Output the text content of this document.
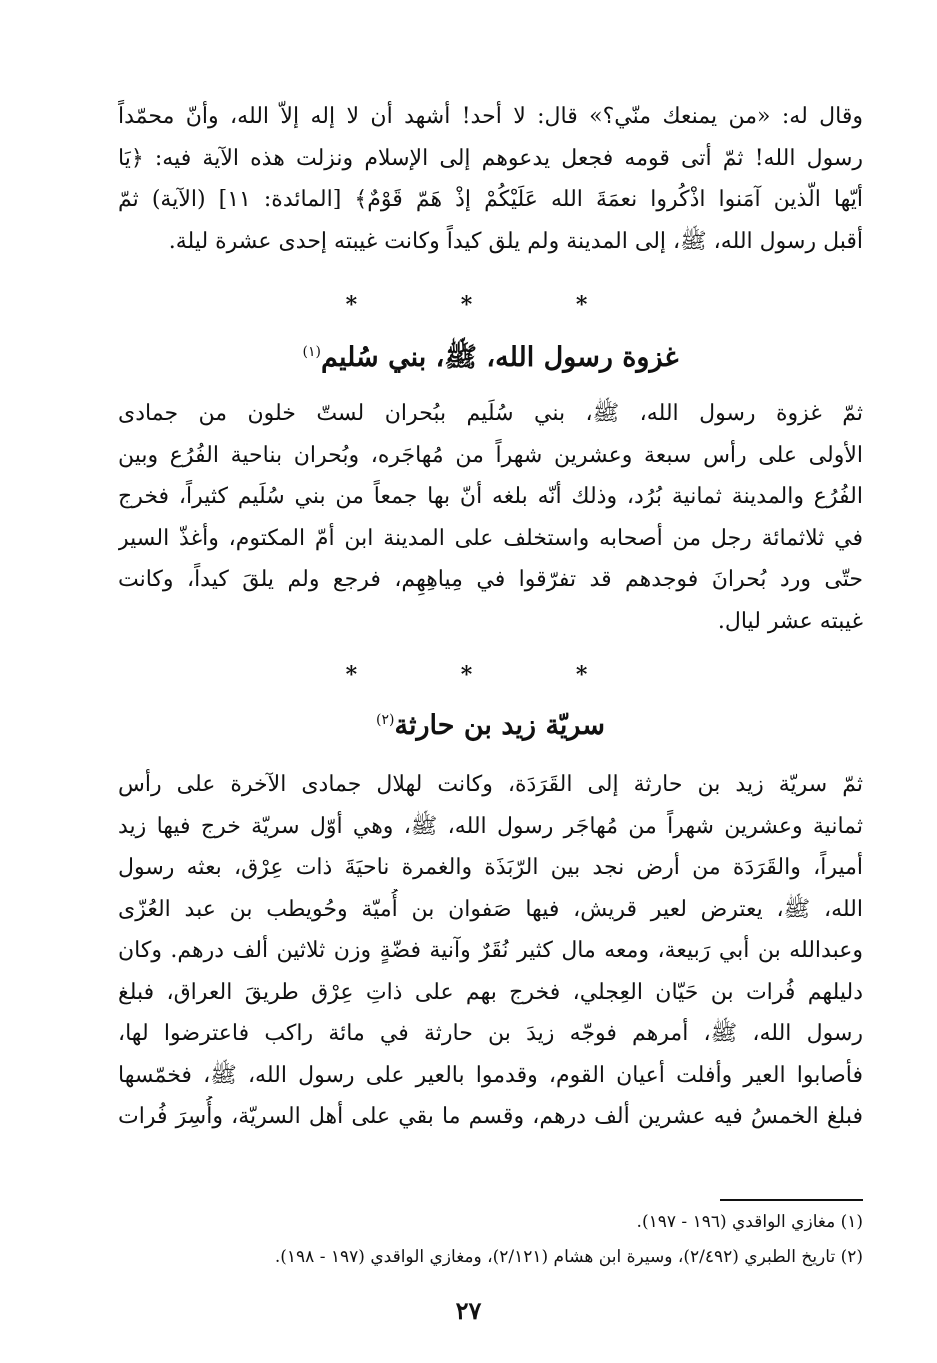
وقال له: «من يمنعك منّي؟» قال: لا أحد! أشهد أن لا إله إلاّ الله، وأنّ محمّداً
رسول الله! ثمّ أتى قومه فجعل يدعوهم إلى الإسلام ونزلت هذه الآية فيه: ﴿يَا
أيّها الّذين آمَنوا اذْكُروا نعمَةَ الله عَلَيْكُمْ إذْ هَمّ قَوْمٌ﴾ [المائدة: ١١] (الآية) ثمّ
أقبل رسول الله، ﷺ، إلى المدينة ولم يلق كيداً وكانت غيبته إحدى عشرة ليلة.
* * *
غزوة رسول الله، ﷺ، بني سُليم$^{(١)}$
ثمّ غزوة رسول الله، ﷺ، بني سُلَيم ببُحران لستّ خلون من جمادى
الأولى على رأس سبعة وعشرين شهراً من مُهاجَره، وبُحران بناحية الفُرُع وبين
الفُرُع والمدينة ثمانية بُرُد، وذلك أنّه بلغه أنّ بها جمعاً من بني سُلَيم كثيراً، فخرج
في ثلاثمائة رجل من أصحابه واستخلف على المدينة ابن أمّ المكتوم، وأغذّ السير
حتّى ورد بُحرانَ فوجدهم قد تفرّقوا في مِياهِهِم، فرجع ولم يلقَ كيداً، وكانت
غيبته عشر ليال.
* * *
سريّة زيد بن حارثة$^{(٢)}$
ثمّ سريّة زيد بن حارثة إلى القَرَدَة، وكانت لهلال جمادى الآخرة على رأس
ثمانية وعشرين شهراً من مُهاجَر رسول الله، ﷺ، وهي أوّل سريّة خرج فيها زيد
أميراً، والقَرَدَة من أرض نجد بين الرّبَذَة والغمرة ناحيَةَ ذات عِرْق، بعثه رسول
الله، ﷺ، يعترض لعير قريش، فيها صَفوان بن أُميّة وحُويطب بن عبد العُزّى
وعبدالله بن أبي رَبيعة، ومعه مال كثير نُقَرٌ وآنية فضّةٍ وزن ثلاثين ألف درهم. وكان
دليلهم فُرات بن حَيّان العِجلي، فخرج بهم على ذاتِ عِرْق طريقَ العراق، فبلغ
رسول الله، ﷺ، أمرهم فوجّه زيدَ بن حارثة في مائة راكب فاعترضوا لها،
فأصابوا العير وأفلت أعيان القوم، وقدموا بالعير على رسول الله، ﷺ، فخمّسها
فبلغ الخمسُ فيه عشرين ألف درهم، وقسم ما بقي على أهل السريّة، وأُسِرَ فُرات
(١) مغازي الواقدي (١٩٦ - ١٩٧).
(٢) تاريخ الطبري (٢/٤٩٢)، وسيرة ابن هشام (٢/١٢١)، ومغازي الواقدي (١٩٧ - ١٩٨).
٢٧
